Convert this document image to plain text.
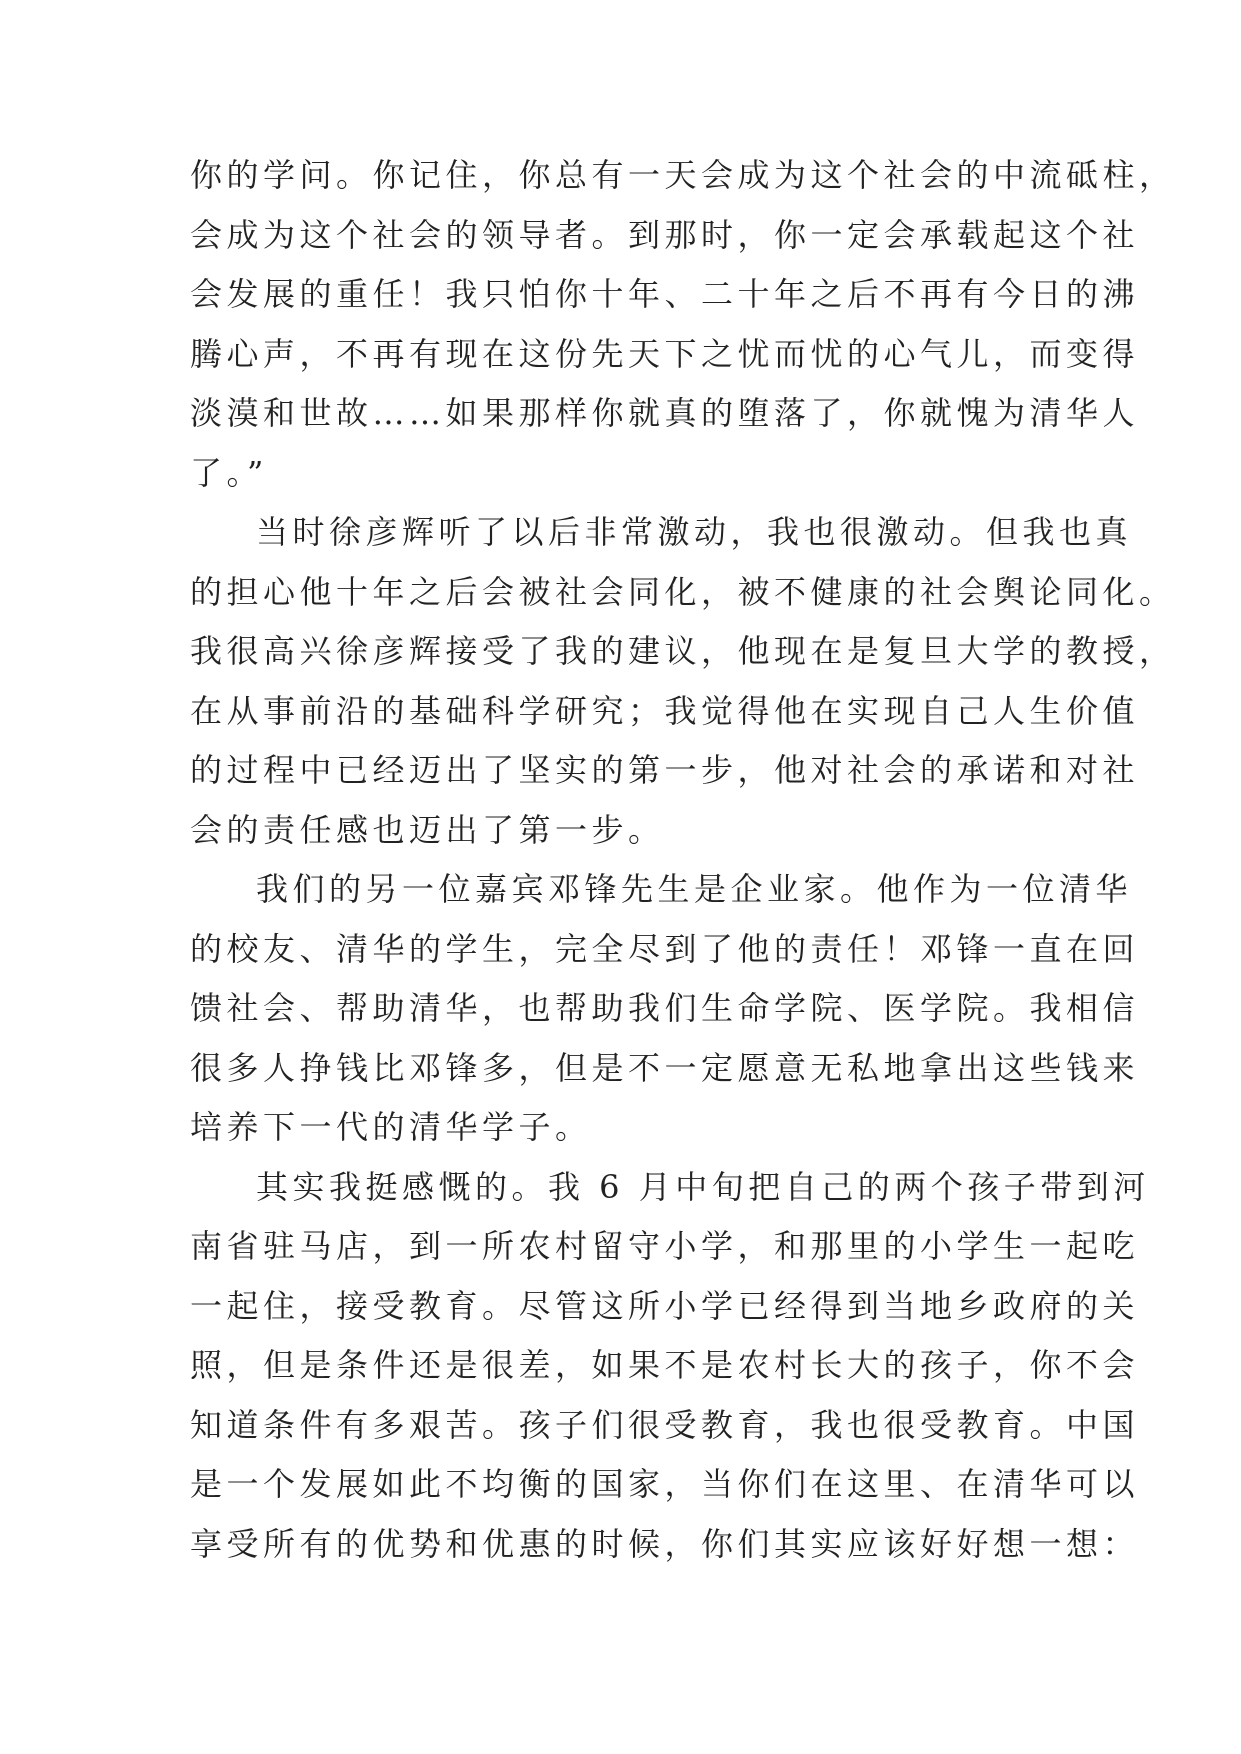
你的学问。你记住，你总有一天会成为这个社会的中流砥柱，
会成为这个社会的领导者。到那时，你一定会承载起这个社
会发展的重任！我只怕你十年、二十年之后不再有今日的沸
腾心声，不再有现在这份先天下之忧而忧的心气儿，而变得
淡漠和世故……如果那样你就真的堕落了，你就愧为清华人
了。”
当时徐彦辉听了以后非常激动，我也很激动。但我也真
的担心他十年之后会被社会同化，被不健康的社会舆论同化。
我很高兴徐彦辉接受了我的建议，他现在是复旦大学的教授，
在从事前沿的基础科学研究；我觉得他在实现自己人生价值
的过程中已经迈出了坚实的第一步，他对社会的承诺和对社
会的责任感也迈出了第一步。
我们的另一位嘉宾邓锋先生是企业家。他作为一位清华
的校友、清华的学生，完全尽到了他的责任！邓锋一直在回
馈社会、帮助清华，也帮助我们生命学院、医学院。我相信
很多人挣钱比邓锋多，但是不一定愿意无私地拿出这些钱来
培养下一代的清华学子。
其实我挺感慨的。我 6 月中旬把自己的两个孩子带到河
南省驻马店，到一所农村留守小学，和那里的小学生一起吃
一起住，接受教育。尽管这所小学已经得到当地乡政府的关
照，但是条件还是很差，如果不是农村长大的孩子，你不会
知道条件有多艰苦。孩子们很受教育，我也很受教育。中国
是一个发展如此不均衡的国家，当你们在这里、在清华可以
享受所有的优势和优惠的时候，你们其实应该好好想一想：
